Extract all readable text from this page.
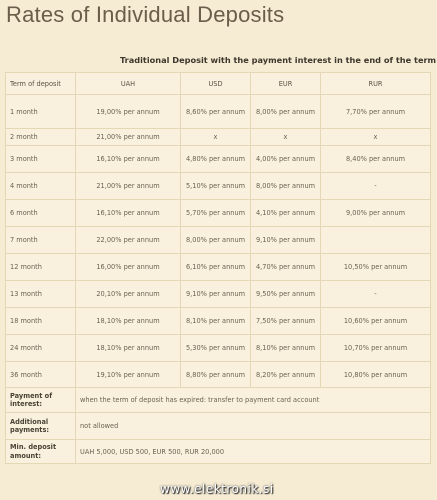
Rates of Individual Deposits
Traditional Deposit with the payment interest in the end of the term
Term of deposit	UAH	USD	EUR	RUR
1 month	19,00% per annum	8,60% per annum	8,00% per annum	7,70% per annum
2 month	21,00% per annum	x	x	x
3 month	16,10% per annum	4,80% per annum	4,00% per annum	8,40% per annum
4 month	21,00% per annum	5,10% per annum	8,00% per annum	-
6 month	16,10% per annum	5,70% per annum	4,10% per annum	9,00% per annum
7 month	22,00% per annum	8,00% per annum	9,10% per annum	
12 month	16,00% per annum	6,10% per annum	4,70% per annum	10,50% per annum
13 month	20,10% per annum	9,10% per annum	9,50% per annum	-
18 month	18,10% per annum	8,10% per annum	7,50% per annum	10,60% per annum
24 month	18,10% per annum	5,30% per annum	8,10% per annum	10,70% per annum
36 month	19,10% per annum	8,80% per annum	8,20% per annum	10,80% per annum
Payment of interest:	when the term of deposit has expired: transfer to payment card account			
Additional payments:	not allowed			
Min. deposit amount:	UAH 5,000, USD 500, EUR 500, RUR 20,000			
www.elektronik.si
